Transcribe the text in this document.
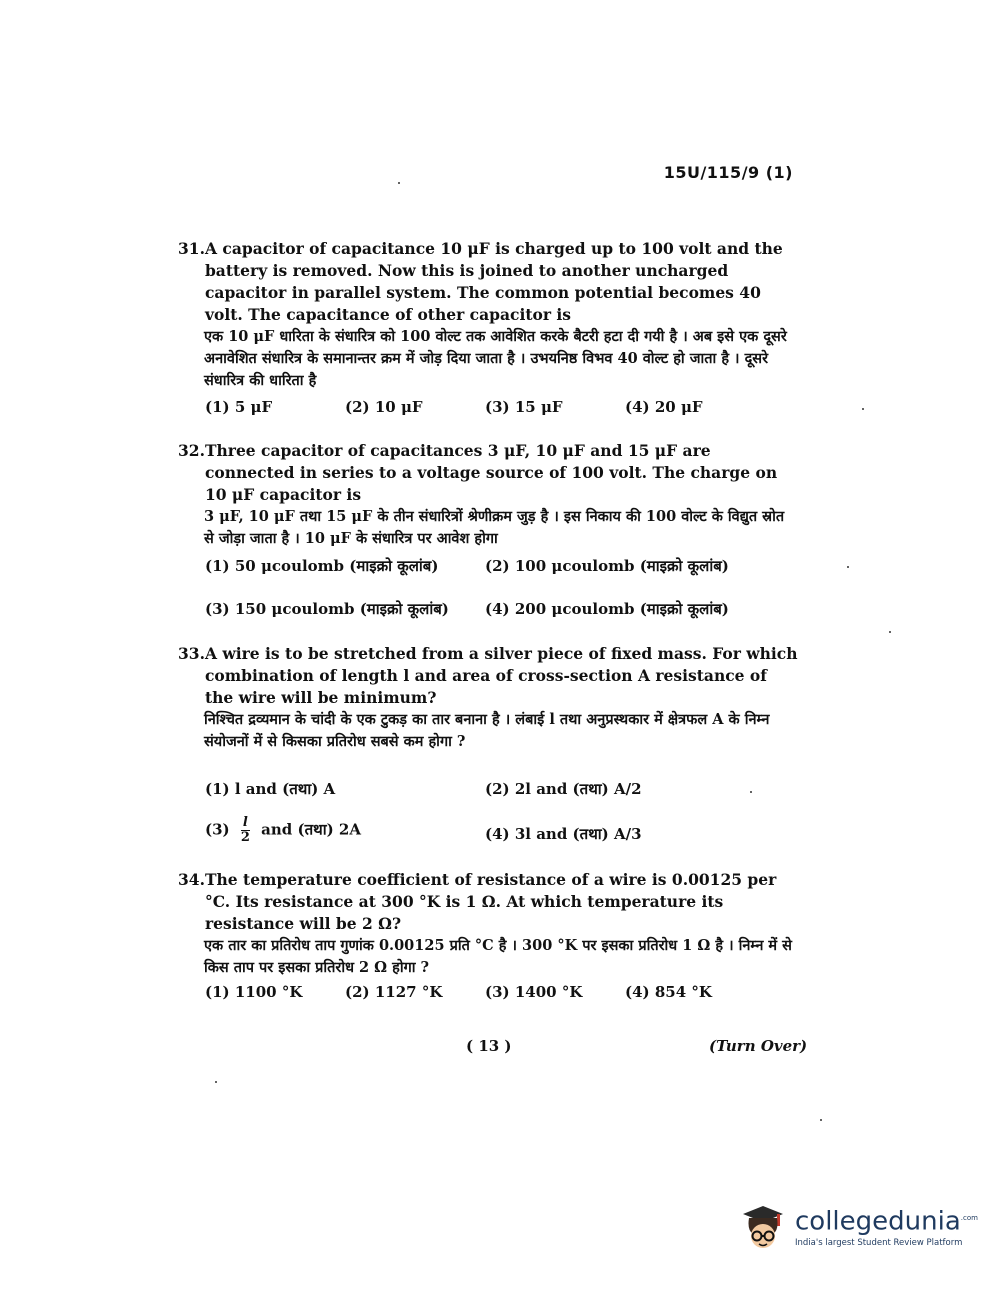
15U/115/9 (1)
31. A capacitor of capacitance 10 μF is charged up to 100 volt and the battery is removed. Now this is joined to another uncharged capacitor in parallel system. The common potential becomes 40 volt. The capacitance of other capacitor is
एक 10 μF धारिता के संधारित्र को 100 वोल्ट तक आवेशित करके बैटरी हटा दी गयी है । अब इसे एक दूसरे अनावेशित संधारित्र के समानान्तर क्रम में जोड़ दिया जाता है । उभयनिष्ठ विभव 40 वोल्ट हो जाता है । दूसरे संधारित्र की धारिता है
(1) 5 μF	(2) 10 μF	(3) 15 μF	(4) 20 μF
32. Three capacitor of capacitances 3 μF, 10 μF and 15 μF are connected in series to a voltage source of 100 volt. The charge on 10 μF capacitor is
3 μF, 10 μF तथा 15 μF के तीन संधारित्रों श्रेणीक्रम जुड़ है । इस निकाय की 100 वोल्ट के विद्युत स्रोत से जोड़ा जाता है । 10 μF के संधारित्र पर आवेश होगा
(1) 50 μcoulomb (माइक्रो कूलांब)	(2) 100 μcoulomb (माइक्रो कूलांब)
(3) 150 μcoulomb (माइक्रो कूलांब) (4) 200 μcoulomb (माइक्रो कूलांब)
33. A wire is to be stretched from a silver piece of fixed mass. For which combination of length l and area of cross-section A resistance of the wire will be minimum?
निश्चित द्रव्यमान के चांदी के एक टुकड़ का तार बनाना है । लंबाई l तथा अनुप्रस्थकार में क्षेत्रफल A के निम्न संयोजनों में से किसका प्रतिरोध सबसे कम होगा ?
(1) l and (तथा) A	(2) 2l and (तथा) A/2
$(3) \frac{l}{2}$ and (तथा) 2A	(4) 3l and (तथा) A/3
34. The temperature coefficient of resistance of a wire is 0.00125 per °C. Its resistance at 300 °K is 1 Ω. At which temperature its resistance will be 2 Ω?
एक तार का प्रतिरोध ताप गुणांक 0.00125 प्रति °C है । 300 °K पर इसका प्रतिरोध 1 Ω है । निम्न में से किस ताप पर इसका प्रतिरोध 2 Ω होगा ?
(1) 1100 °K	(2) 1127 °K	(3) 1400 °K	(4) 854 °K
( 13 )	(Turn Over)
collegedunia$^{.com}$
India's largest Student Review Platform
